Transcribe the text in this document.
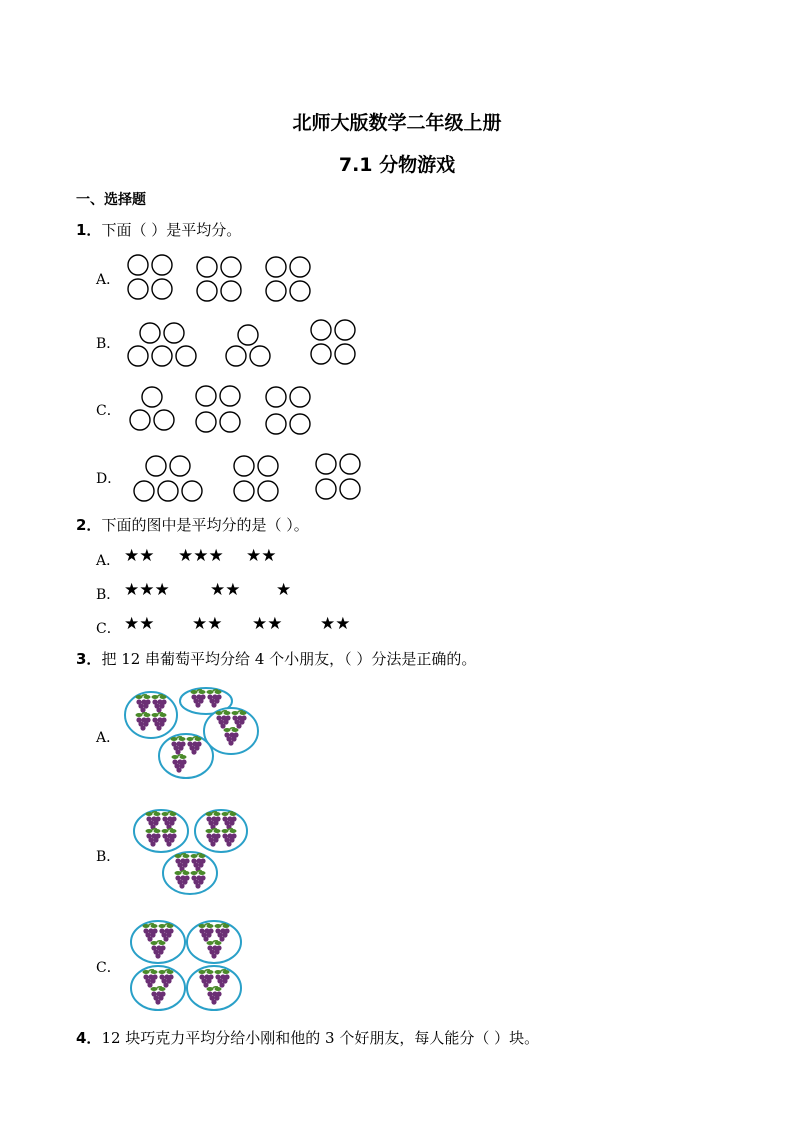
北师大版数学二年级上册
7.1 分物游戏
一、选择题
1．下面（ ）是平均分。
A．
B．
C．
D．
2．下面的图中是平均分的是（ ）。
A． ★★ ★★★ ★★
B． ★★★ ★★ ★
C． ★★ ★★ ★★ ★★
3．把 12 串葡萄平均分给 4 个小朋友，（ ）分法是正确的。
A．
B．
C．
4．12 块巧克力平均分给小刚和他的 3 个好朋友，每人能分（ ）块。
